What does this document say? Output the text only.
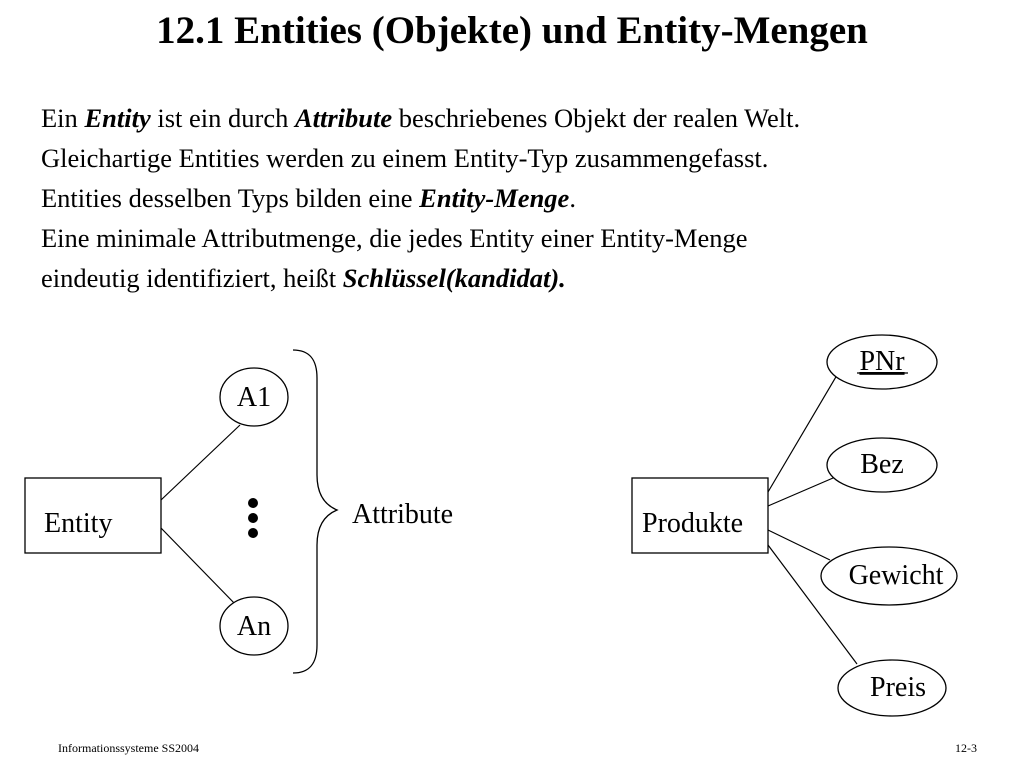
12.1 Entities (Objekte) und Entity-Mengen

Ein Entity ist ein durch Attribute beschriebenes Objekt der realen Welt.

Gleichartige Entities werden zu einem Entity-Typ zusammengefasst.

Entities desselben Typs bilden eine Entity-Menge.

Eine minimale Attributmenge, die jedes Entity einer Entity-Menge

eindeutig identifiziert, heißt Schlüssel(kandidat).

Entity
A1
An
Attribute	Produkte
PNr
Bez
Gewicht
Preis
Informationssysteme SS2004	12-3
